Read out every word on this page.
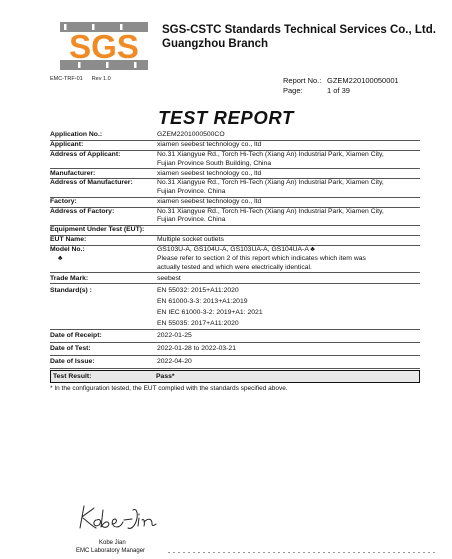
SGS SGS-CSTC Standards Technical Services Co., Ltd.
Guangzhou Branch
EMC-TRF-01 Rev 1.0	Report No.: GZEM220100050001
Page:	1 of 39
TEST REPORT
Application No.:	GZEM2201000500CO
Applicant:	xiamen seebest technology co., ltd
Address of Applicant:	No.31 Xiangyue Rd., Torch Hi-Tech (Xiang An) Industrial Park, Xiamen City,
Fujian Province South Building, China
Manufacturer:	xiamen seebest technology co., ltd
Address of Manufacturer:	No.31 Xiangyue Rd., Torch Hi-Tech (Xiang An) Industrial Park, Xiamen City,
Fujian Province. China
Factory:	xiamen seebest technology co., ltd
Address of Factory:	No.31 Xiangyue Rd., Torch Hi-Tech (Xiang An) Industrial Park, Xiamen City,
Fujian Province. China
Equipment Under Test (EUT):
EUT Name:	Multiple socket outlets
Model No.:	GS103U-A, GS104U-A, GS103UA-A, GS104UA-A ♣
♣	Please refer to section 2 of this report which indicates which item was
actually tested and which were electrically identical.
Trade Mark:	seebest
Standard(s) :	EN 55032: 2015+A11:2020
EN 61000-3-3: 2013+A1:2019
EN IEC 61000-3-2: 2019+A1: 2021
EN 55035: 2017+A11:2020
Date of Receipt:	2022-01-25
Date of Test:	2022-01-28 to 2022-03-21
Date of Issue:	2022-04-20
Test Result:	Pass*
* In the configuration tested, the EUT complied with the standards specified above.
Kobe Jian
EMC Laboratory Manager
